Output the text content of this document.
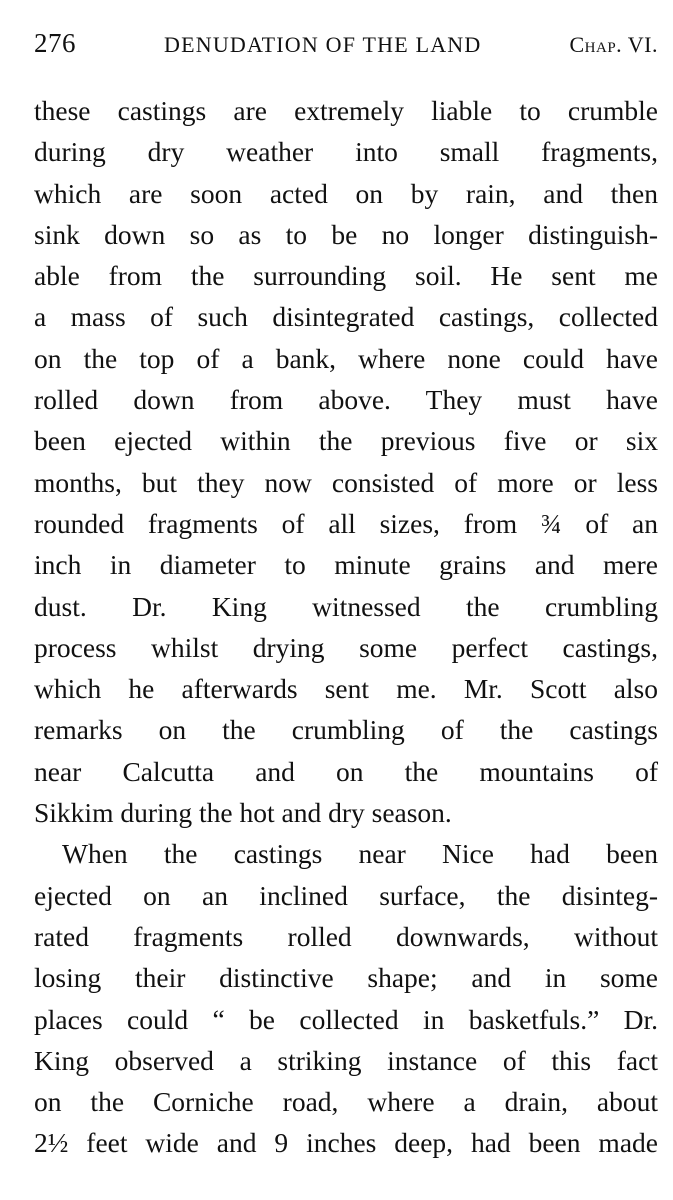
276	DENUDATION OF THE LAND	Chap. VI.
these castings are extremely liable to crumble
during dry weather into small fragments,
which are soon acted on by rain, and then
sink down so as to be no longer distinguish-
able from the surrounding soil. He sent me
a mass of such disintegrated castings, collected
on the top of a bank, where none could have
rolled down from above. They must have
been ejected within the previous five or six
months, but they now consisted of more or less
rounded fragments of all sizes, from ¾ of an
inch in diameter to minute grains and mere
dust. Dr. King witnessed the crumbling
process whilst drying some perfect castings,
which he afterwards sent me. Mr. Scott also
remarks on the crumbling of the castings
near Calcutta and on the mountains of
Sikkim during the hot and dry season.
When the castings near Nice had been
ejected on an inclined surface, the disinteg-
rated fragments rolled downwards, without
losing their distinctive shape; and in some
places could “ be collected in basketfuls.” Dr.
King observed a striking instance of this fact
on the Corniche road, where a drain, about
2½ feet wide and 9 inches deep, had been made
